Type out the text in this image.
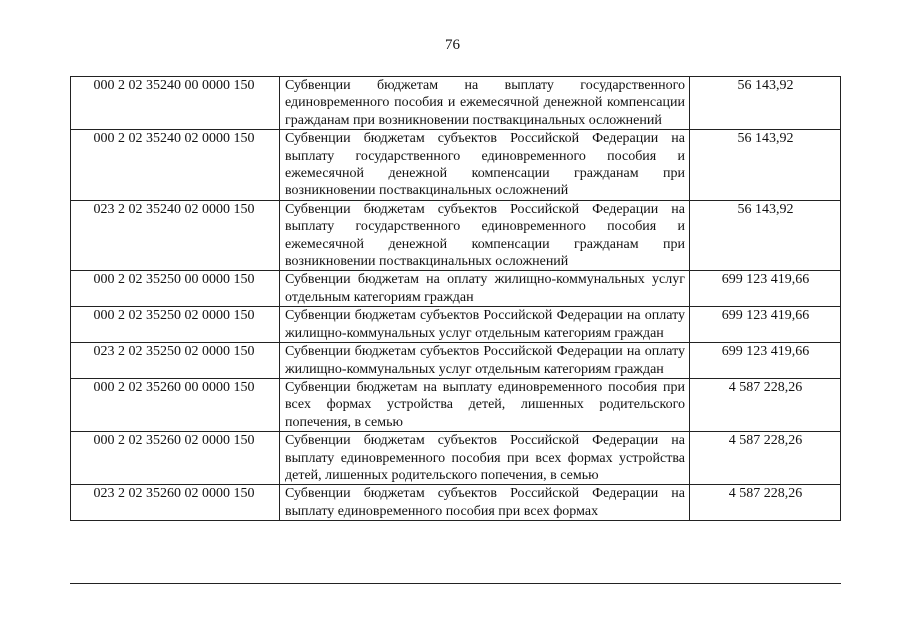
76
000 2 02 35240 00 0000 150	Субвенции бюджетам на выплату государственного единовременного пособия и ежемесячной денежной компенсации гражданам при возникновении поствакцинальных осложнений	56 143,92
000 2 02 35240 02 0000 150	Субвенции бюджетам субъектов Российской Федерации на выплату государственного единовременного пособия и ежемесячной денежной компенсации гражданам при возникновении поствакцинальных осложнений	56 143,92
023 2 02 35240 02 0000 150	Субвенции бюджетам субъектов Российской Федерации на выплату государственного единовременного пособия и ежемесячной денежной компенсации гражданам при возникновении поствакцинальных осложнений	56 143,92
000 2 02 35250 00 0000 150	Субвенции бюджетам на оплату жилищно-коммунальных услуг отдельным категориям граждан	699 123 419,66
000 2 02 35250 02 0000 150	Субвенции бюджетам субъектов Российской Федерации на оплату жилищно-коммунальных услуг отдельным категориям граждан	699 123 419,66
023 2 02 35250 02 0000 150	Субвенции бюджетам субъектов Российской Федерации на оплату жилищно-коммунальных услуг отдельным категориям граждан	699 123 419,66
000 2 02 35260 00 0000 150	Субвенции бюджетам на выплату единовременного пособия при всех формах устройства детей, лишенных родительского попечения, в семью	4 587 228,26
000 2 02 35260 02 0000 150	Субвенции бюджетам субъектов Российской Федерации на выплату единовременного пособия при всех формах устройства детей, лишенных родительского попечения, в семью	4 587 228,26
023 2 02 35260 02 0000 150	Субвенции бюджетам субъектов Российской Федерации на выплату единовременного пособия при всех формах	4 587 228,26
